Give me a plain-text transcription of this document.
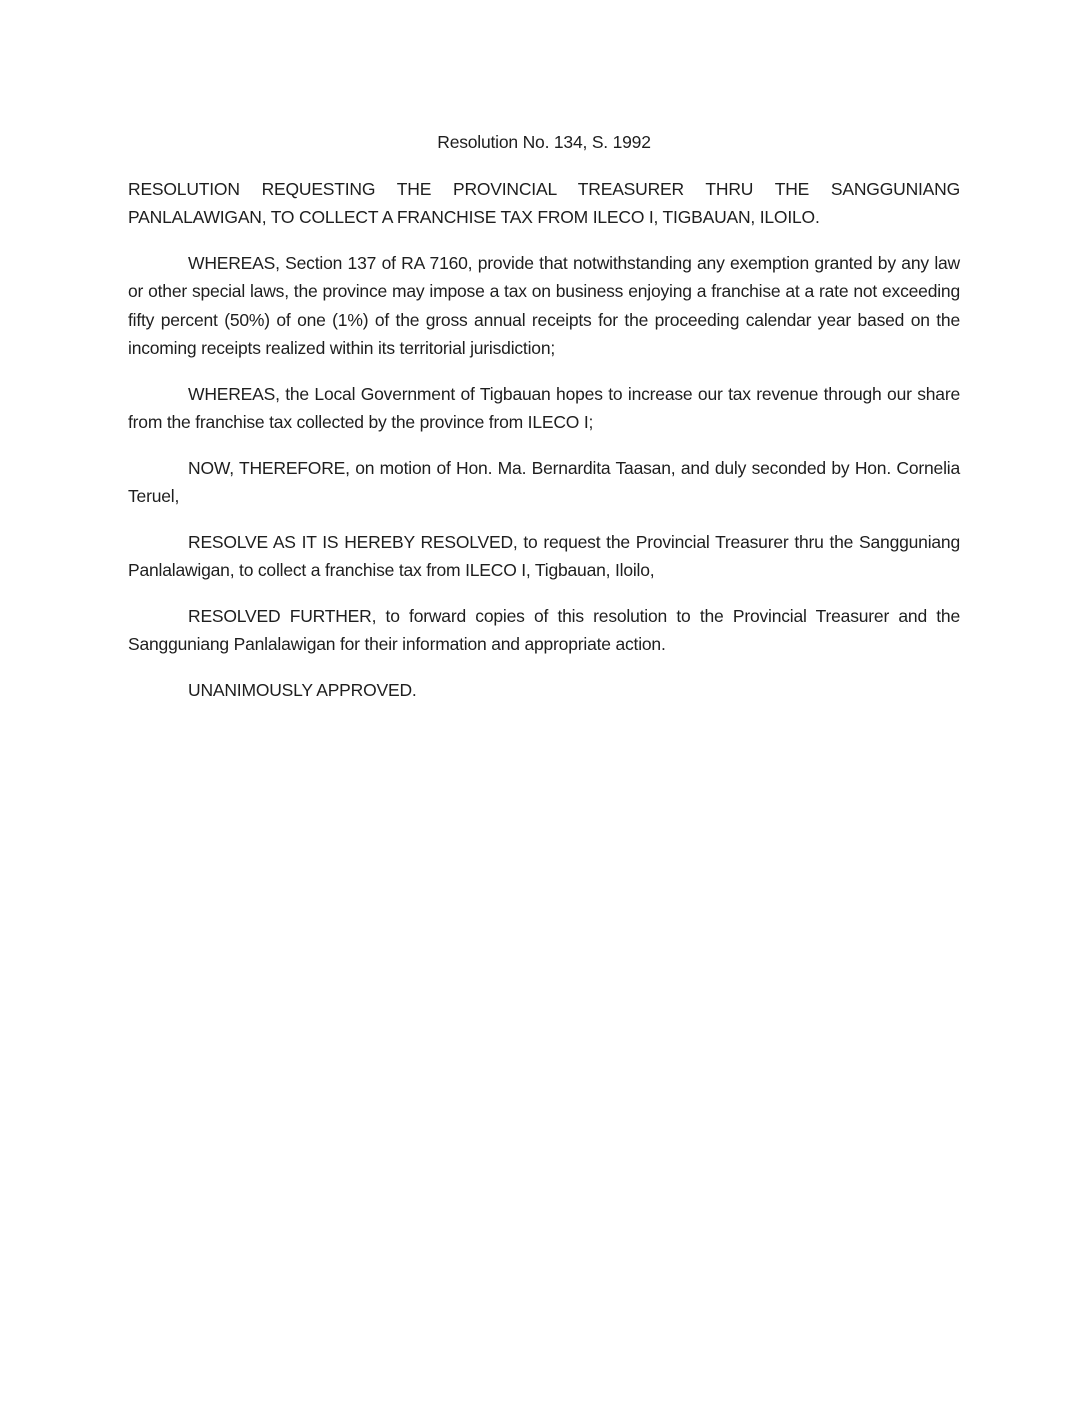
Resolution No. 134, S. 1992

RESOLUTION REQUESTING THE PROVINCIAL TREASURER THRU THE SANGGUNIANG PANLALAWIGAN, TO COLLECT A FRANCHISE TAX FROM ILECO I, TIGBAUAN, ILOILO.

WHEREAS, Section 137 of RA 7160, provide that notwithstanding any exemption granted by any law or other special laws, the province may impose a tax on business enjoying a franchise at a rate not exceeding fifty percent (50%) of one (1%) of the gross annual receipts for the proceeding calendar year based on the incoming receipts realized within its territorial jurisdiction;

WHEREAS, the Local Government of Tigbauan hopes to increase our tax revenue through our share from the franchise tax collected by the province from ILECO I;

NOW, THEREFORE, on motion of Hon. Ma. Bernardita Taasan, and duly seconded by Hon. Cornelia Teruel,

RESOLVE AS IT IS HEREBY RESOLVED, to request the Provincial Treasurer thru the Sangguniang Panlalawigan, to collect a franchise tax from ILECO I, Tigbauan, Iloilo,

RESOLVED FURTHER, to forward copies of this resolution to the Provincial Treasurer and the Sangguniang Panlalawigan for their information and appropriate action.

UNANIMOUSLY APPROVED.
